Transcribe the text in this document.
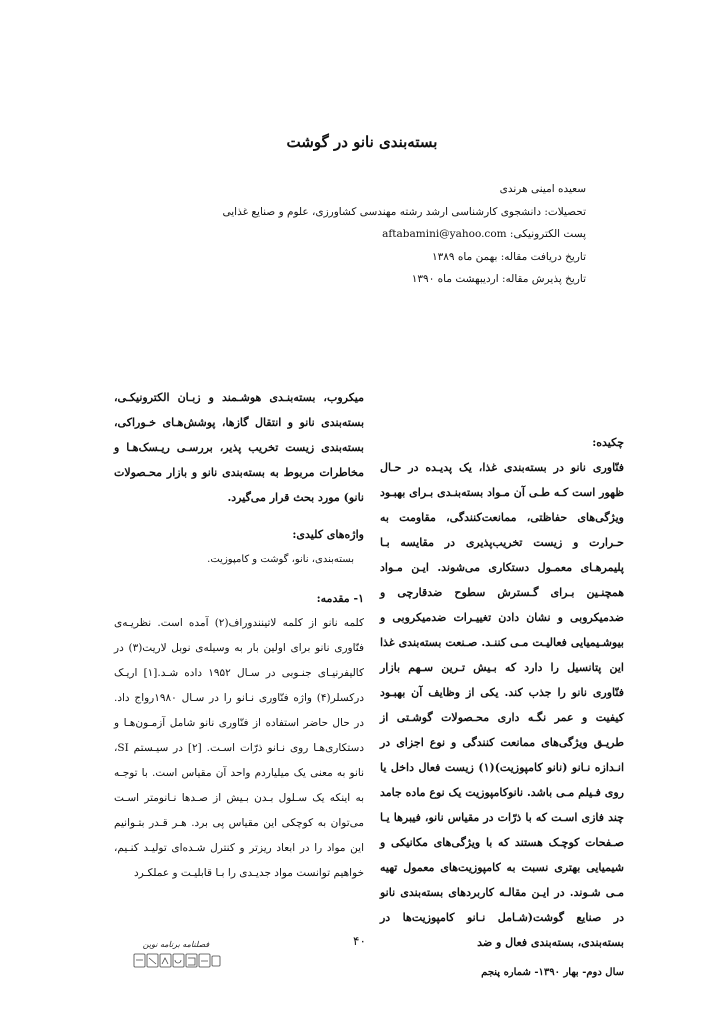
بسته‌بندی نانو در گوشت
سعیده امینی هرندی
تحصیلات: دانشجوی کارشناسی ارشد رشته مهندسی کشاورزی، علوم و صنایع غذایی
پست الکترونیکی: aftabamini@yahoo.com
تاریخ دریافت مقاله: بهمن ماه ۱۳۸۹
تاریخ پذیرش مقاله: اردیبهشت ماه ۱۳۹۰

چکیده:

فنّاوری نانو در بسته‌بندی غذا، یک پدیـده در حـال ظهور است کـه طـی آن مـواد بسته‌بنـدی بـرای بهبـود ویژگی‌های حفاظتی، ممانعت‌کنندگی، مقاومت به حـرارت و زیست تخریب‌پذیری در مقایسه بـا پلیمرهـای معمـول دستکاری می‌شوند. ایـن مـواد همچنـین بـرای گـسترش سطوح ضدقارچی و ضدمیکروبی و نشان دادن تغییـرات ضدمیکروبی و بیوشـیمیایی فعالیـت مـی کننـد. صـنعت بسته‌بندی غذا این پتانسیل را دارد که بـیش تـرین سـهم بازار فنّاوری نانو را جذب کند. یکی از وظایف آن بهبـود کیفیت و عمر نگـه داری محـصولات گوشـتی از طریـق ویژگی‌های ممانعت کنندگی و نوع اجزای در انـدازه نـانو (نانو کامپوزیت)(۱) زیست فعال داخل یا روی فـیلم مـی باشد. نانوکامپوزیت یک نوع ماده جامد چند فازی اسـت که با ذرّات در مقیاس نانو، فیبرها یـا صـفحات کوچـک هستند که با ویژگی‌های مکانیکی و شیمیایی بهتری نسبت به کامپوزیت‌های معمول تهیه مـی شـوند. در ایـن مقالـه کاربردهای بسته‌بندی نانو در صنایع گوشت(شـامل نـانو کامپوزیت‌ها در بسته‌بندی، بسته‌بندی فعال و ضد

میکروب، بسته‌بنـدی هوشـمند و زبـان الکترونیکـی، بسته‌بندی نانو و انتقال گازها، پوشش‌هـای خـوراکی، بسته‌بندی زیست تخریب پذیر، بررسـی ریـسک‌هـا و مخاطرات مربوط به بسته‌بندی نانو و بازار محـصولات نانو) مورد بحث قرار می‌گیرد.

واژه‌های کلیدی:

بسته‌بندی، نانو، گوشت و کامپوزیت.

۱- مقدمه:

کلمه نانو از کلمه لاتینندوراف(۲) آمده است. نظریـه‌ی فنّاوری نانو برای اولین بار به وسیله‌ی نوبل لاریت(۳) در کالیفرنیـای جنـوبی در سـال ۱۹۵۲ داده شـد.[۱] اریـک درکسلر(۴) واژه فنّاوری نـانو را در سـال ۱۹۸۰رواج داد. در حال حاضر استفاده از فنّاوری نانو شامل آزمـون‌هـا و دستکاری‌هـا روی نـانو ذرّات اسـت. [۲] در سیـستم SI، نانو به معنی یک میلیاردم واحد آن مقیاس است. با توجـه به اینکه یک سـلول بـدن بـیش از صـدها نـانومتر اسـت می‌توان به کوچکی این مقیاس پی برد. هـر قـدر بتـوانیم این مواد را در ابعاد ریزتر و کنترل شـده‌ای تولیـد کنـیم، خواهیم توانست مواد جدیـدی را بـا قابلیـت و عملکـرد

۴۰
سال دوم- بهار ۱۳۹۰- شماره پنجم
فصلنامه برنامه نوین
